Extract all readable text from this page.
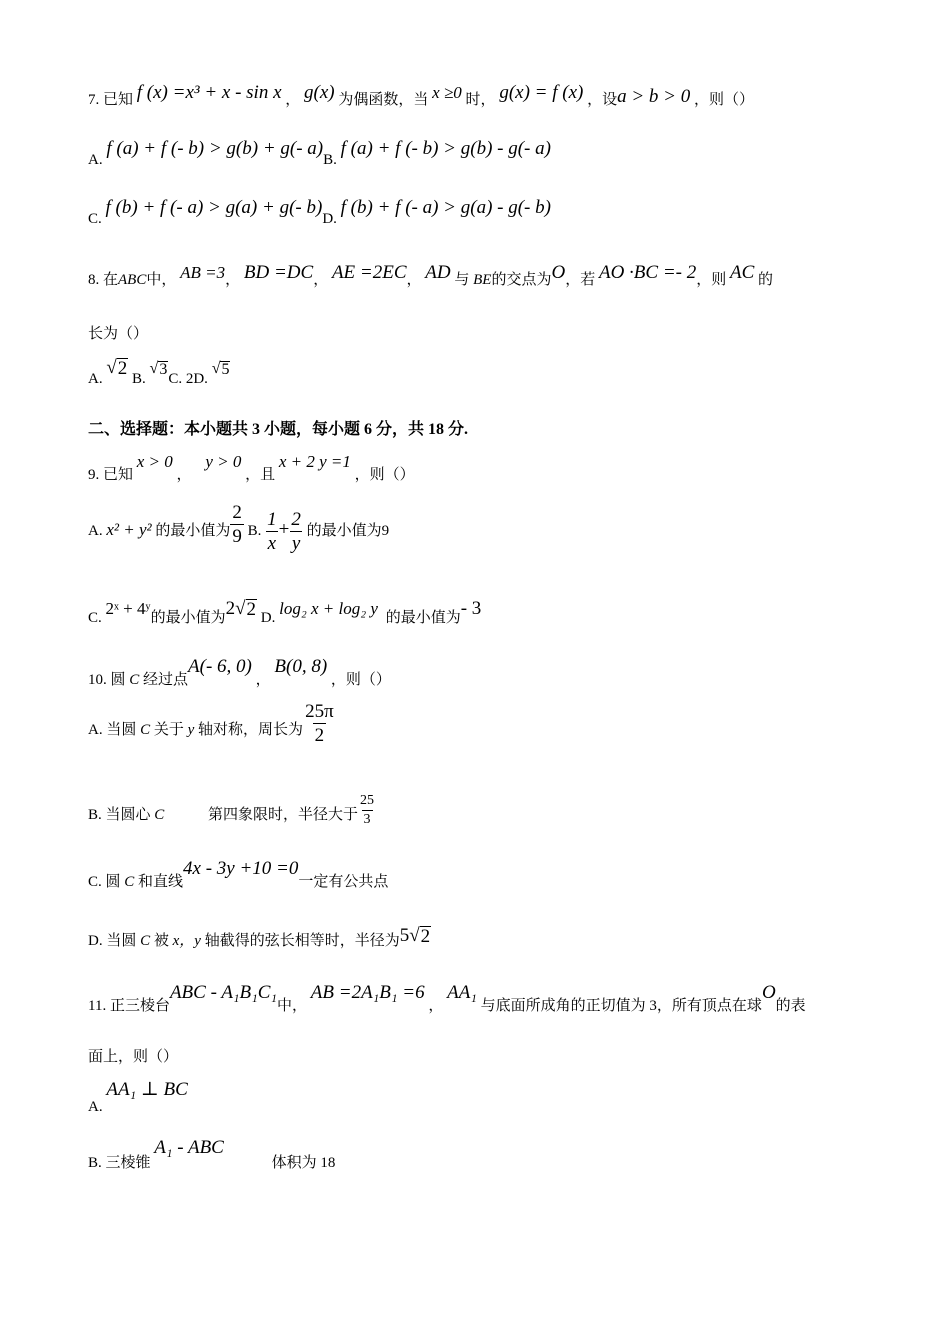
7. 已知 f (x) =x³ + x - sin x ， g(x) 为偶函数，当 x ≥0 时， g(x) = f (x) ，设a > b > 0 ，则（）
A. f (a) + f (- b) > g(b) + g(- a)B. f (a) + f (- b) > g(b) - g(- a)
C. f (b) + f (- a) > g(a) + g(- b)D. f (b) + f (- a) > g(a) - g(- b)
8. 在ABC中， AB =3， BD =DC， AE =2EC， AD 与 BE的交点为O，若 AO ·BC =- 2，则 AC 的
长为（）
A.
√ 2 B.
√ 3
C. 2D.
√ 5
二、选择题：本小题共 3 小题，每小题 6 分，共 18 分.
9. 已知 x > 0 ， y > 0 ，且 x + 2 y =1 ，则（）
A. x² + y² 的最小值为 $\frac{2}{9} B$. $\frac{1}{x} + \frac{2}{y}$ 的最小值为9
C. 2ˣ + 4ʸ的最小值为2 √ 2 D. log₂ x + log₂ y 的最小值为- 3
10. 圆 C 经过点A(- 6, 0) ， B(0, 8) ，则（）
A. 当圆 C 关于 y 轴对称，周长为 $\frac{25\pi}{2}$
B. 当圆心 C	第四象限时，半径大于 $\frac{25}{3}$
C. 圆 C 和直线4x - 3y +10 =0一定有公共点
D. 当圆 C 被 x，y 轴截得的弦长相等时，半径为5 √ 2
11. 正三棱台ABC - A₁B₁C₁中， AB =2A₁B₁ =6 ， AA₁ 与底面所成角的正切值为 3，所有顶点在球O的表
面上，则（）
A. AA₁ ⊥ BC
B. 三棱锥 A₁ - ABC 体积为 18
